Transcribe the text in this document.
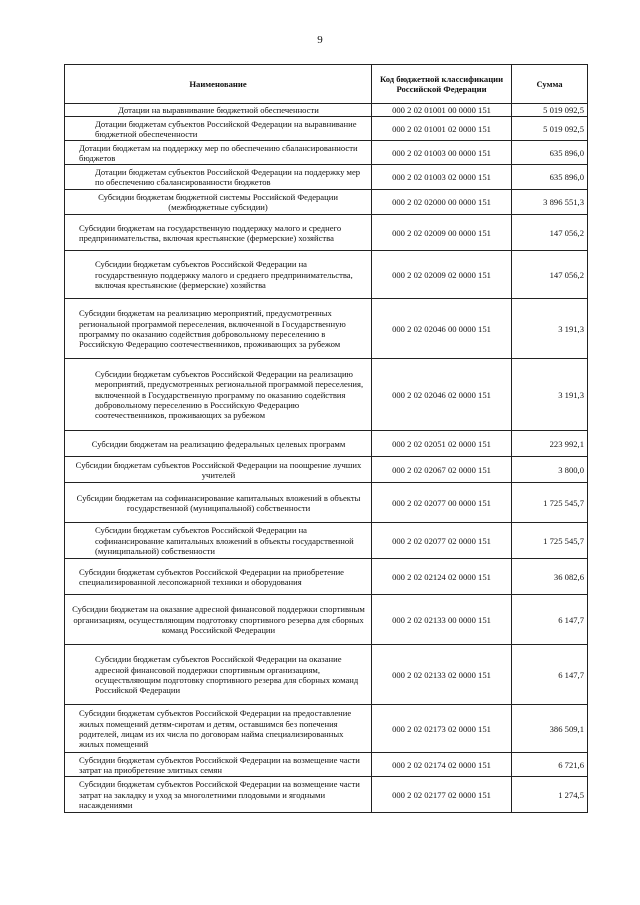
9
Наименование	Код бюджетной классификации Российской Федерации	Сумма
Дотации на выравнивание бюджетной обеспеченности	000 2 02 01001 00 0000 151	5 019 092,5
Дотации бюджетам субъектов Российской Федерации на выравнивание бюджетной обеспеченности	000 2 02 01001 02 0000 151	5 019 092,5
Дотации бюджетам на поддержку мер по обеспечению сбалансированности бюджетов	000 2 02 01003 00 0000 151	635 896,0
Дотации бюджетам субъектов Российской Федерации на поддержку мер по обеспечению сбалансированности бюджетов	000 2 02 01003 02 0000 151	635 896,0
Субсидии бюджетам бюджетной системы Российской Федерации (межбюджетные субсидии)	000 2 02 02000 00 0000 151	3 896 551,3
Субсидии бюджетам на государственную поддержку малого и среднего предпринимательства, включая крестьянские (фермерские) хозяйства	000 2 02 02009 00 0000 151	147 056,2
Субсидии бюджетам субъектов Российской Федерации на государственную поддержку малого и среднего предпринимательства, включая крестьянские (фермерские) хозяйства	000 2 02 02009 02 0000 151	147 056,2
Субсидии бюджетам на реализацию мероприятий, предусмотренных региональной программой переселения, включенной в Государственную программу по оказанию содействия добровольному переселению в Российскую Федерацию соотечественников, проживающих за рубежом	000 2 02 02046 00 0000 151	3 191,3
Субсидии бюджетам субъектов Российской Федерации на реализацию мероприятий, предусмотренных региональной программой переселения, включенной в Государственную программу по оказанию содействия добровольному переселению в Российскую Федерацию соотечественников, проживающих за рубежом	000 2 02 02046 02 0000 151	3 191,3
Субсидии бюджетам на реализацию федеральных целевых программ	000 2 02 02051 02 0000 151	223 992,1
Субсидии бюджетам субъектов Российской Федерации на поощрение лучших учителей	000 2 02 02067 02 0000 151	3 800,0
Субсидии бюджетам на софинансирование капитальных вложений в объекты государственной (муниципальной) собственности	000 2 02 02077 00 0000 151	1 725 545,7
Субсидии бюджетам субъектов Российской Федерации на софинансирование капитальных вложений в объекты государственной (муниципальной) собственности	000 2 02 02077 02 0000 151	1 725 545,7
Субсидии бюджетам субъектов Российской Федерации на приобретение специализированной лесопожарной техники и оборудования	000 2 02 02124 02 0000 151	36 082,6
Субсидии бюджетам на оказание адресной финансовой поддержки спортивным организациям, осуществляющим подготовку спортивного резерва для сборных команд Российской Федерации	000 2 02 02133 00 0000 151	6 147,7
Субсидии бюджетам субъектов Российской Федерации на оказание адресной финансовой поддержки спортивным организациям, осуществляющим подготовку спортивного резерва для сборных команд Российской Федерации	000 2 02 02133 02 0000 151	6 147,7
Субсидии бюджетам субъектов Российской Федерации на предоставление жилых помещений детям-сиротам и детям, оставшимся без попечения родителей, лицам из их числа по договорам найма специализированных жилых помещений	000 2 02 02173 02 0000 151	386 509,1
Субсидии бюджетам субъектов Российской Федерации на возмещение части затрат на приобретение элитных семян	000 2 02 02174 02 0000 151	6 721,6
Субсидии бюджетам субъектов Российской Федерации на возмещение части затрат на закладку и уход за многолетними плодовыми и ягодными насаждениями	000 2 02 02177 02 0000 151	1 274,5
